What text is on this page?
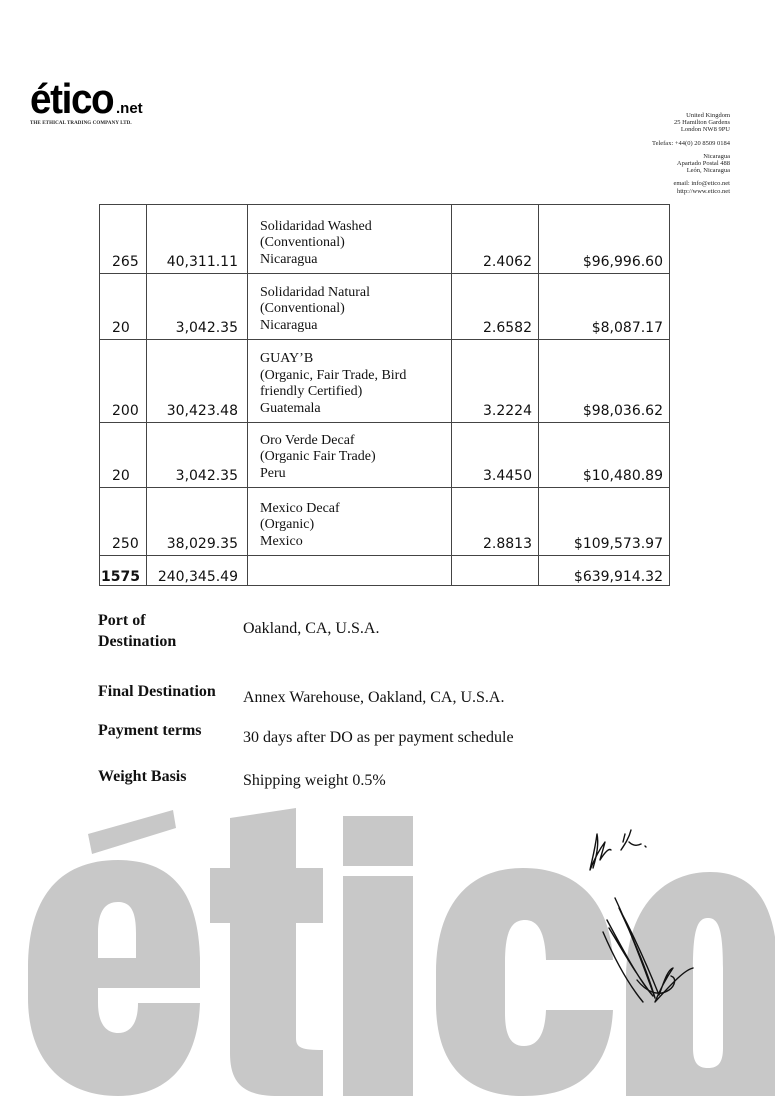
ético .net
THE ETHICAL TRADING COMPANY LTD.
United Kingdom
25 Hamilton Gardens
London NW8 9PU
Telefax: +44(0) 20 8509 0184
Nicaragua
Apartado Postal 488
León, Nicaragua
email: info@etico.net
http://www.etico.net
265	40,311.11	Solidaridad Washed
(Conventional)
Nicaragua	2.4062	$96,996.60
20	3,042.35	Solidaridad Natural
(Conventional)
Nicaragua	2.6582	$8,087.17
200	30,423.48	GUAY’B
(Organic, Fair Trade, Bird
friendly Certified)
Guatemala	3.2224	$98,036.62
20	3,042.35	Oro Verde Decaf
(Organic Fair Trade)
Peru	3.4450	$10,480.89
250	38,029.35	Mexico Decaf
(Organic)
Mexico	2.8813	$109,573.97
1575	240,345.49			$639,914.32
Port of
Destination
Oakland, CA, U.S.A.
Final Destination	Annex Warehouse, Oakland, CA, U.S.A.
Payment terms	30 days after DO as per payment schedule
Weight Basis	Shipping weight 0.5%
